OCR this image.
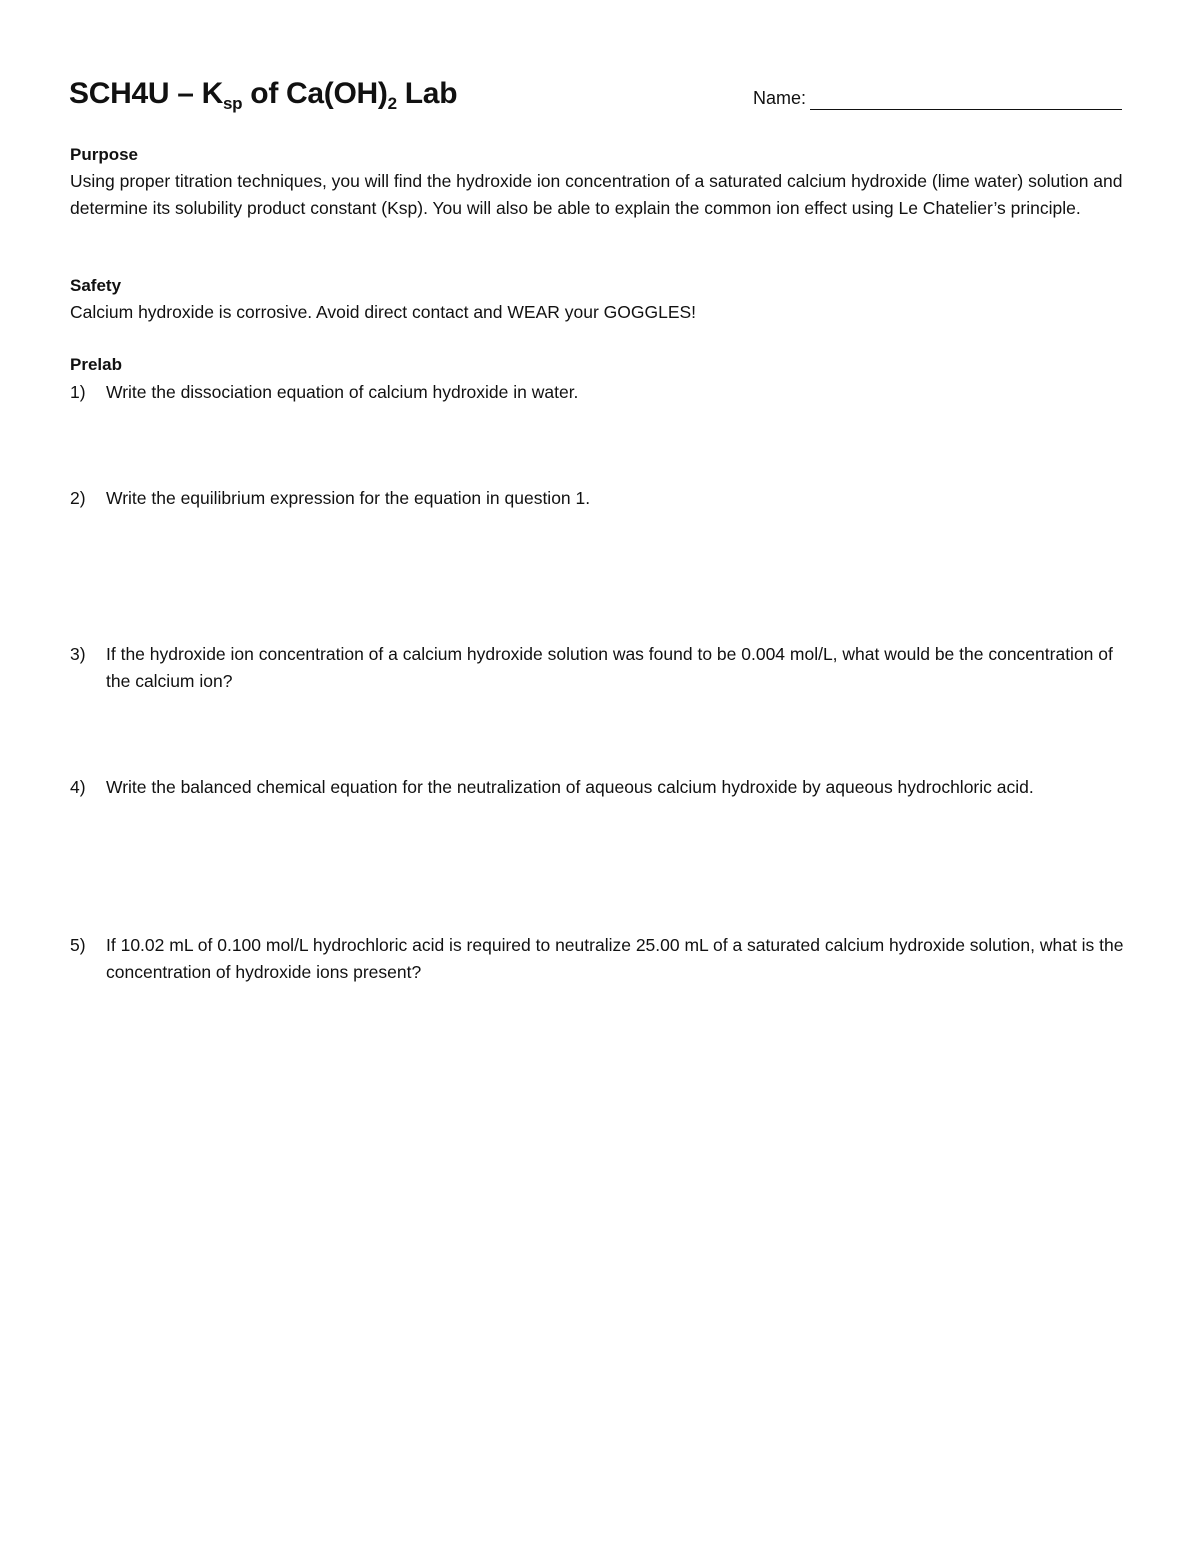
$SCH4U - K_{sp}$ of $Ca(OH)_2$ Lab	Name:
Purpose
Using proper titration techniques, you will find the hydroxide ion concentration of a saturated calcium hydroxide (lime water) solution and determine its solubility product constant (Ksp). You will also be able to explain the common ion effect using Le Chatelier’s principle.
Safety
Calcium hydroxide is corrosive. Avoid direct contact and WEAR your GOGGLES!
Prelab
1)	Write the dissociation equation of calcium hydroxide in water.
2)	Write the equilibrium expression for the equation in question 1.
3)	If the hydroxide ion concentration of a calcium hydroxide solution was found to be 0.004 mol/L, what would be the concentration of the calcium ion?
4)	Write the balanced chemical equation for the neutralization of aqueous calcium hydroxide by aqueous hydrochloric acid.
5)	If 10.02 mL of 0.100 mol/L hydrochloric acid is required to neutralize 25.00 mL of a saturated calcium hydroxide solution, what is the concentration of hydroxide ions present?
